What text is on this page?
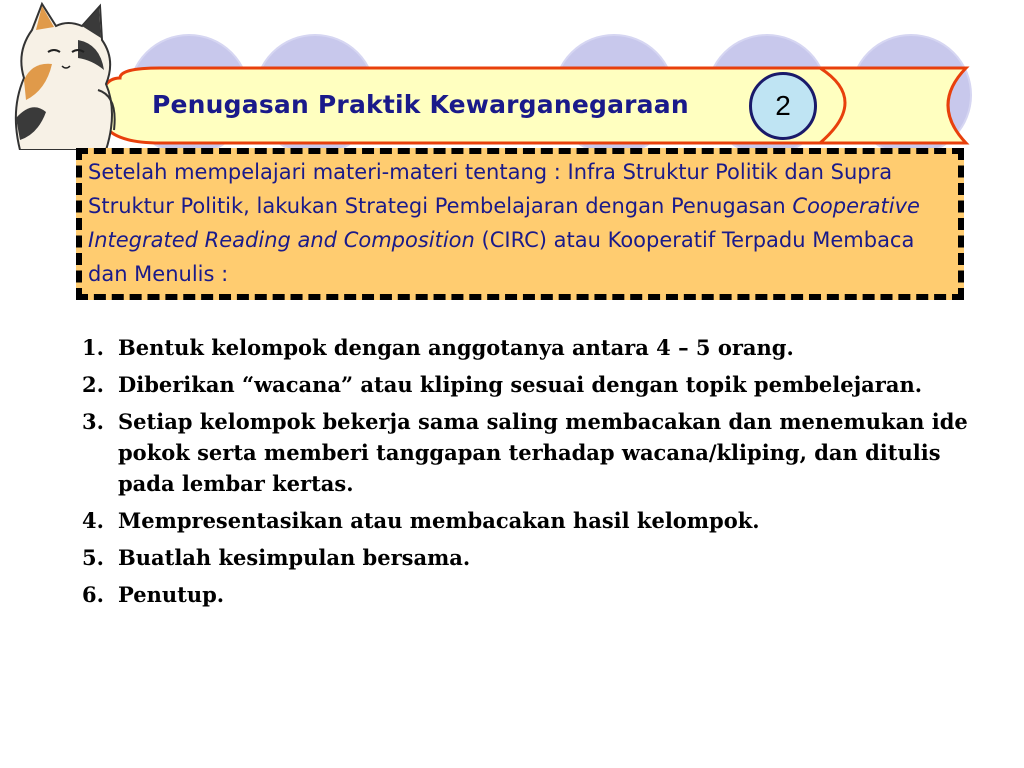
Penugasan Praktik Kewarganegaraan	2
Setelah mempelajari materi-materi tentang : Infra Struktur Politik dan Supra Struktur Politik, lakukan Strategi Pembelajaran dengan Penugasan Cooperative Integrated Reading and Composition (CIRC) atau Kooperatif Terpadu Membaca dan Menulis :
1. Bentuk kelompok dengan anggotanya antara 4 – 5 orang.
2. Diberikan “wacana” atau kliping sesuai dengan topik pembelejaran.
3. Setiap kelompok bekerja sama saling membacakan dan menemukan ide pokok serta memberi tanggapan terhadap wacana/kliping, dan ditulis pada lembar kertas.
4. Mempresentasikan atau membacakan hasil kelompok.
5. Buatlah kesimpulan bersama.
6. Penutup.
